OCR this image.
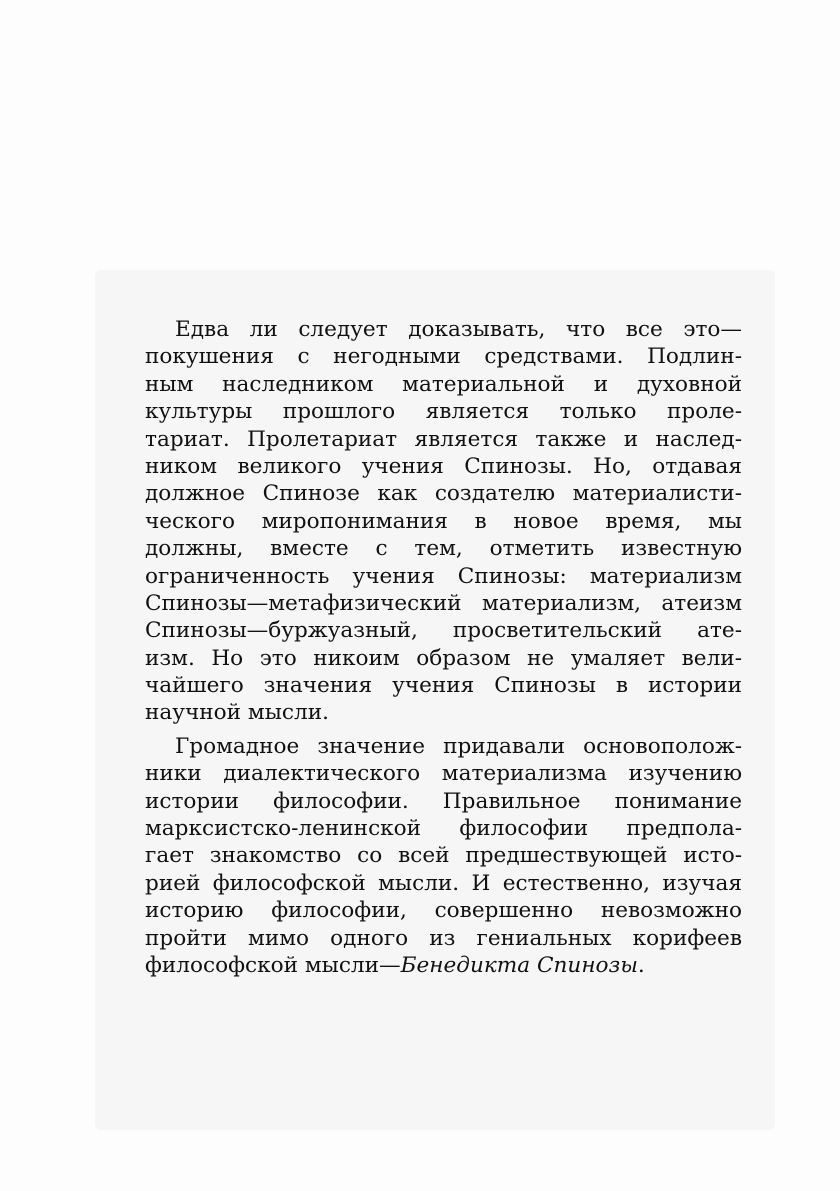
Едва ли следует доказывать, что все это—
покушения с негодными средствами. Подлин-
ным наследником материальной и духовной
культуры прошлого является только проле-
тариат. Пролетариат является также и наслед-
ником великого учения Спинозы. Но, отдавая
должное Спинозе как создателю материалисти-
ческого миропонимания в новое время, мы
должны, вместе с тем, отметить известную
ограниченность учения Спинозы: материализм
Спинозы—метафизический материализм, атеизм
Спинозы—буржуазный, просветительский ате-
изм. Но это никоим образом не умаляет вели-
чайшего значения учения Спинозы в истории
научной мысли.
Громадное значение придавали основополож-
ники диалектического материализма изучению
истории философии. Правильное понимание
марксистско-ленинской философии предпола-
гает знакомство со всей предшествующей исто-
рией философской мысли. И естественно, изучая
историю философии, совершенно невозможно
пройти мимо одного из гениальных корифеев
философской мысли—Бенедикта Спинозы.
